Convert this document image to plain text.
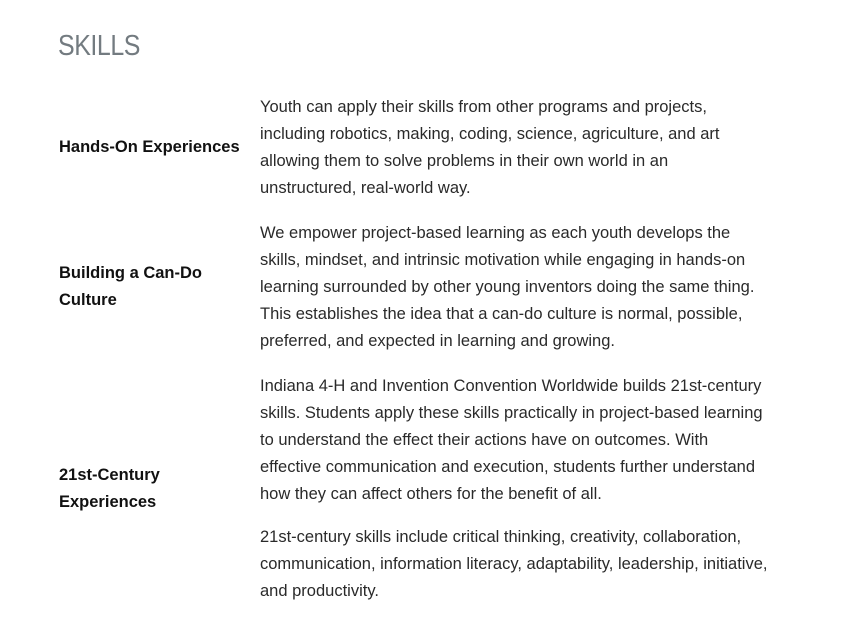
SKILLS
Hands-On Experiences

Youth can apply their skills from other programs and projects,
including robotics, making, coding, science, agriculture, and art
allowing them to solve problems in their own world in an
unstructured, real-world way.

Building a Can-Do
Culture

We empower project-based learning as each youth develops the
skills, mindset, and intrinsic motivation while engaging in hands-on
learning surrounded by other young inventors doing the same thing.
This establishes the idea that a can-do culture is normal, possible,
preferred, and expected in learning and growing.

21st-Century
Experiences

Indiana 4-H and Invention Convention Worldwide builds 21st-century
skills. Students apply these skills practically in project-based learning
to understand the effect their actions have on outcomes. With
effective communication and execution, students further understand
how they can affect others for the benefit of all.

21st-century skills include critical thinking, creativity, collaboration,
communication, information literacy, adaptability, leadership, initiative,
and productivity.
